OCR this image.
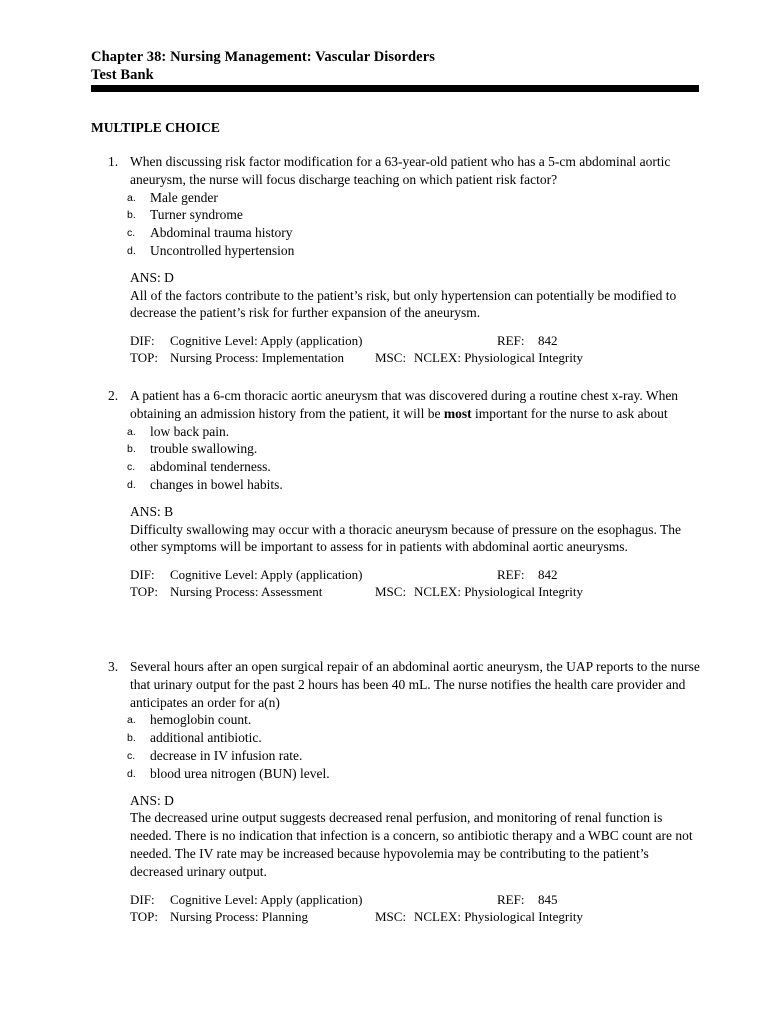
Chapter 38: Nursing Management: Vascular Disorders
Test Bank
MULTIPLE CHOICE
1. When discussing risk factor modification for a 63-year-old patient who has a 5-cm abdominal aortic aneurysm, the nurse will focus discharge teaching on which patient risk factor?
a. Male gender
b. Turner syndrome
c. Abdominal trauma history
d. Uncontrolled hypertension
ANS: D
All of the factors contribute to the patient’s risk, but only hypertension can potentially be modified to decrease the patient’s risk for further expansion of the aneurysm.
DIF: Cognitive Level: Apply (application)	REF: 842
TOP: Nursing Process: Implementation MSC: NCLEX: Physiological Integrity
2. A patient has a 6-cm thoracic aortic aneurysm that was discovered during a routine chest x-ray. When obtaining an admission history from the patient, it will be most important for the nurse to ask about
a. low back pain.
b. trouble swallowing.
c. abdominal tenderness.
d. changes in bowel habits.
ANS: B
Difficulty swallowing may occur with a thoracic aneurysm because of pressure on the esophagus. The other symptoms will be important to assess for in patients with abdominal aortic aneurysms.
DIF: Cognitive Level: Apply (application)	REF: 842
TOP: Nursing Process: Assessment	MSC: NCLEX: Physiological Integrity
3. Several hours after an open surgical repair of an abdominal aortic aneurysm, the UAP reports to the nurse that urinary output for the past 2 hours has been 40 mL. The nurse notifies the health care provider and anticipates an order for a(n)
a. hemoglobin count.
b. additional antibiotic.
c. decrease in IV infusion rate.
d. blood urea nitrogen (BUN) level.
ANS: D
The decreased urine output suggests decreased renal perfusion, and monitoring of renal function is needed. There is no indication that infection is a concern, so antibiotic therapy and a WBC count are not needed. The IV rate may be increased because hypovolemia may be contributing to the patient’s decreased urinary output.
DIF: Cognitive Level: Apply (application)	REF: 845
TOP: Nursing Process: Planning	MSC: NCLEX: Physiological Integrity
